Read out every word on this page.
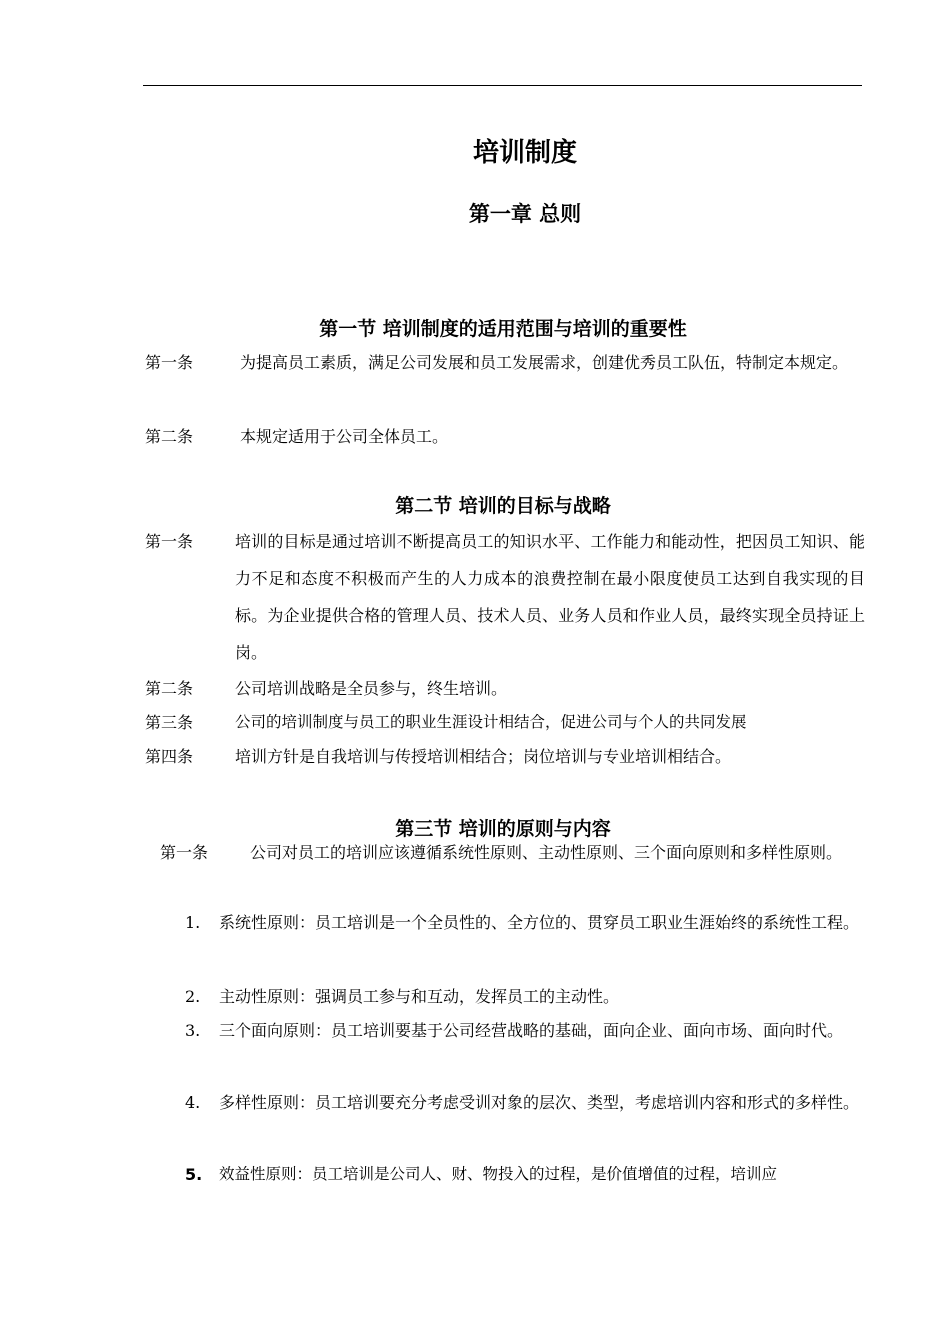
培训制度
第一章 总则
第一节 培训制度的适用范围与培训的重要性
第一条	为提高员工素质，满足公司发展和员工发展需求，创建优秀员工队伍，特制定本规定。
第二条	本规定适用于公司全体员工。
第二节 培训的目标与战略
第一条	培训的目标是通过培训不断提高员工的知识水平、工作能力和能动性，把因员工知识、能力不足和态度不积极而产生的人力成本的浪费控制在最小限度使员工达到自我实现的目标。为企业提供合格的管理人员、技术人员、业务人员和作业人员，最终实现全员持证上岗。
第二条	公司培训战略是全员参与，终生培训。
第三条	公司的培训制度与员工的职业生涯设计相结合，促进公司与个人的共同发展
第四条	培训方针是自我培训与传授培训相结合；岗位培训与专业培训相结合。
第三节 培训的原则与内容
第一条	公司对员工的培训应该遵循系统性原则、主动性原则、三个面向原则和多样性原则。
1. 系统性原则：员工培训是一个全员性的、全方位的、贯穿员工职业生涯始终的系统性工程。
2. 主动性原则：强调员工参与和互动，发挥员工的主动性。
3. 三个面向原则：员工培训要基于公司经营战略的基础，面向企业、面向市场、面向时代。
4. 多样性原则：员工培训要充分考虑受训对象的层次、类型，考虑培训内容和形式的多样性。
5. 效益性原则：员工培训是公司人、财、物投入的过程，是价值增值的过程，培训应
